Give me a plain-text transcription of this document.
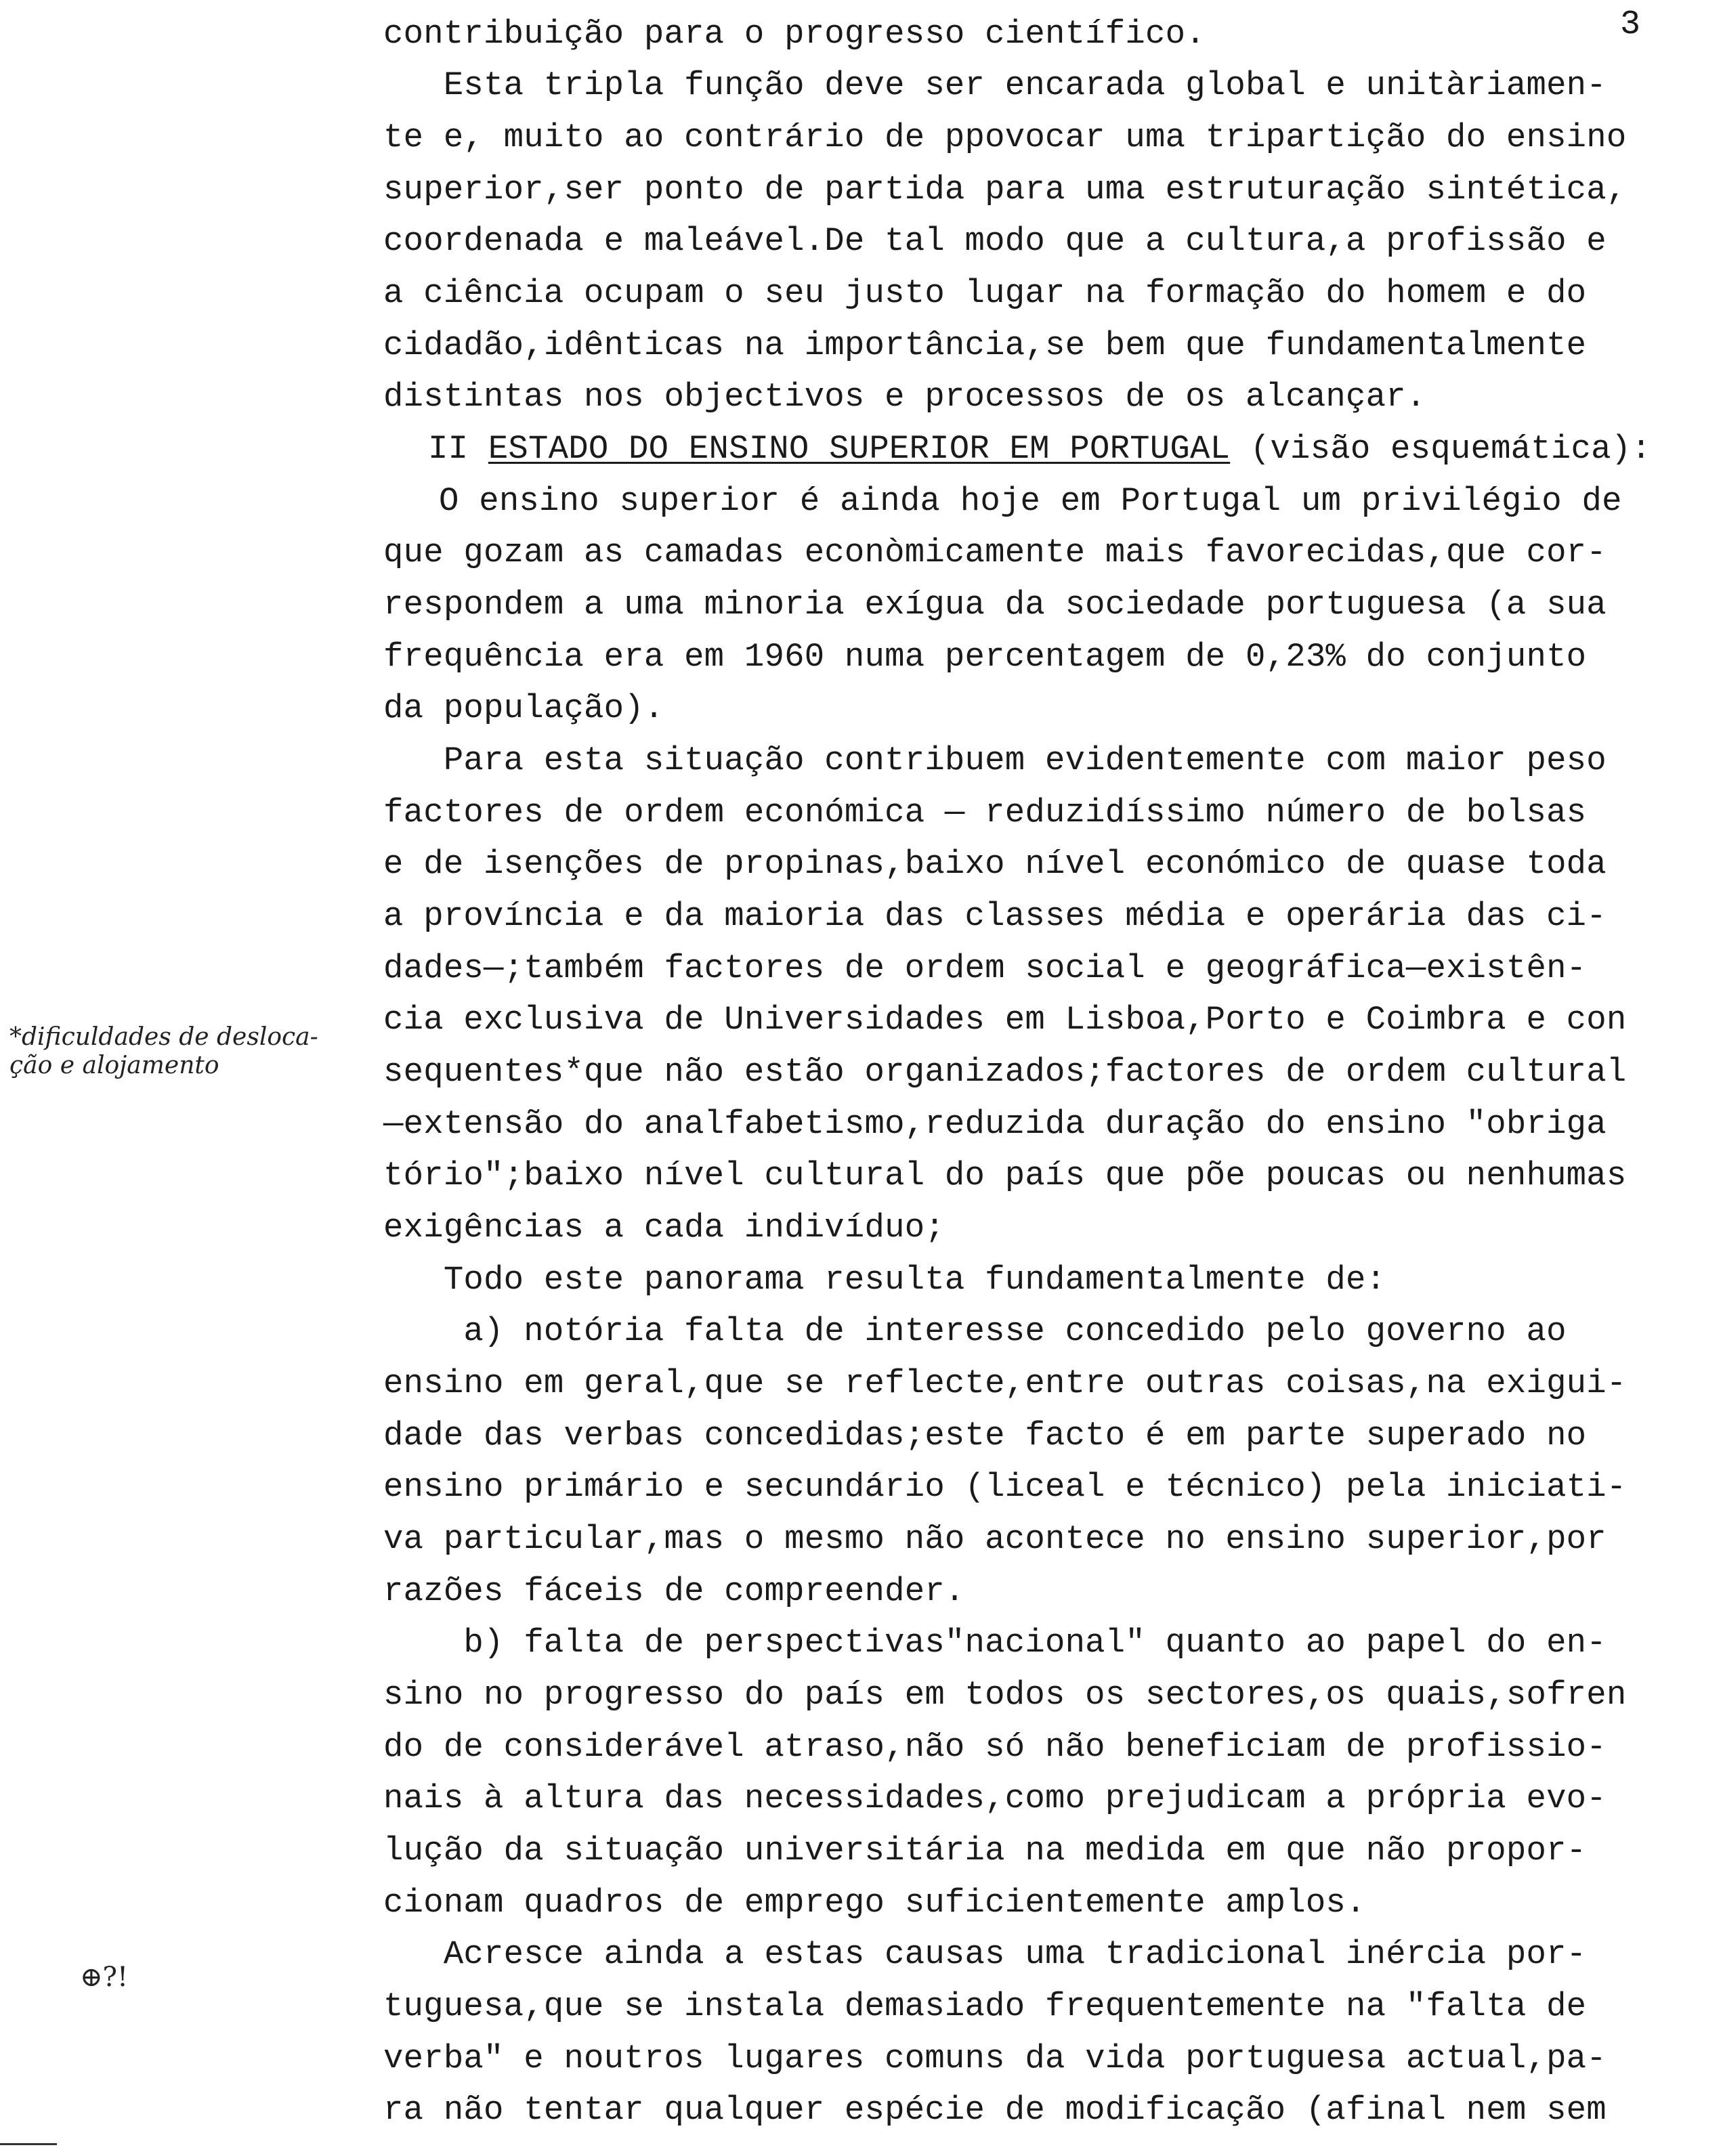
3
*dificuldades de desloca-
ção e alojamento
⊕?!
contribuição para o progresso científico.
Esta tripla função deve ser encarada global e unitàriamen-
te e, muito ao contrário de ppovocar uma tripartição do ensino
superior,ser ponto de partida para uma estruturação sintética,
coordenada e maleável.De tal modo que a cultura,a profissão e
a ciência ocupam o seu justo lugar na formação do homem e do
cidadão,idênticas na importância,se bem que fundamentalmente
distintas nos objectivos e processos de os alcançar.
II ESTADO DO ENSINO SUPERIOR EM PORTUGAL (visão esquemática):
O ensino superior é ainda hoje em Portugal um privilégio de
que gozam as camadas econòmicamente mais favorecidas,que cor-
respondem a uma minoria exígua da sociedade portuguesa (a sua
frequência era em 1960 numa percentagem de 0,23% do conjunto
da população).
Para esta situação contribuem evidentemente com maior peso
factores de ordem económica — reduzidíssimo número de bolsas
e de isenções de propinas,baixo nível económico de quase toda
a província e da maioria das classes média e operária das ci-
dades—;também factores de ordem social e geográfica—existên-
cia exclusiva de Universidades em Lisboa,Porto e Coimbra e con
sequentes*que não estão organizados;factores de ordem cultural
—extensão do analfabetismo,reduzida duração do ensino "obriga
tório";baixo nível cultural do país que põe poucas ou nenhumas
exigências a cada indivíduo;
Todo este panorama resulta fundamentalmente de:
a) notória falta de interesse concedido pelo governo ao
ensino em geral,que se reflecte,entre outras coisas,na exigui-
dade das verbas concedidas;este facto é em parte superado no
ensino primário e secundário (liceal e técnico) pela iniciati-
va particular,mas o mesmo não acontece no ensino superior,por
razões fáceis de compreender.
b) falta de perspectivas"nacional" quanto ao papel do en-
sino no progresso do país em todos os sectores,os quais,sofren
do de considerável atraso,não só não beneficiam de profissio-
nais à altura das necessidades,como prejudicam a própria evo-
lução da situação universitária na medida em que não propor-
cionam quadros de emprego suficientemente amplos.
Acresce ainda a estas causas uma tradicional inércia por-
tuguesa,que se instala demasiado frequentemente na "falta de
verba" e noutros lugares comuns da vida portuguesa actual,pa-
ra não tentar qualquer espécie de modificação (afinal nem sem
